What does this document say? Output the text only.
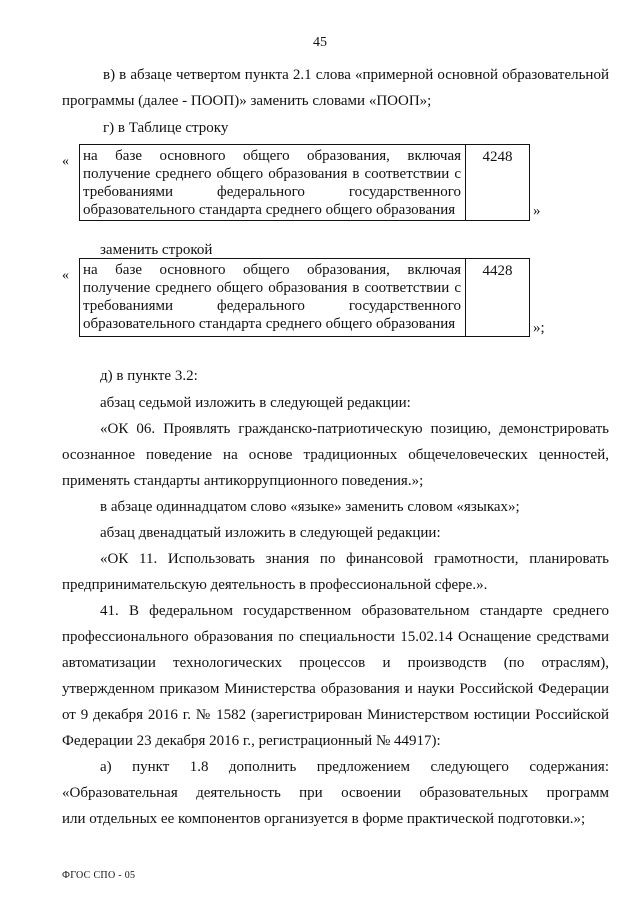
45
в) в абзаце четвертом пункта 2.1 слова «примерной основной образовательной
программы (далее - ПООП)» заменить словами «ПООП»;
г) в Таблице строку
« на базе основного общего образования, включая
получение среднего общего образования в соответствии с
требованиями федерального государственного
образовательного стандарта среднего общего образования
4248
»
заменить строкой
« на базе основного общего образования, включая
получение среднего общего образования в соответствии с
требованиями федерального государственного
образовательного стандарта среднего общего образования
4428
»;
д) в пункте 3.2:
абзац седьмой изложить в следующей редакции:
«ОК 06. Проявлять гражданско-патриотическую позицию, демонстрировать
осознанное поведение на основе традиционных общечеловеческих ценностей,
применять стандарты антикоррупционного поведения.»;
в абзаце одиннадцатом слово «языке» заменить словом «языках»;
абзац двенадцатый изложить в следующей редакции:
«ОК 11. Использовать знания по финансовой грамотности, планировать
предпринимательскую деятельность в профессиональной сфере.».
41. В федеральном государственном образовательном стандарте среднего
профессионального образования по специальности 15.02.14 Оснащение средствами
автоматизации технологических процессов и производств (по отраслям),
утвержденном приказом Министерства образования и науки Российской Федерации
от 9 декабря 2016 г. № 1582 (зарегистрирован Министерством юстиции Российской
Федерации 23 декабря 2016 г., регистрационный № 44917):
а) пункт 1.8 дополнить предложением следующего содержания:
«Образовательная деятельность при освоении образовательных программ
или отдельных ее компонентов организуется в форме практической подготовки.»;
ФГОС СПО - 05
